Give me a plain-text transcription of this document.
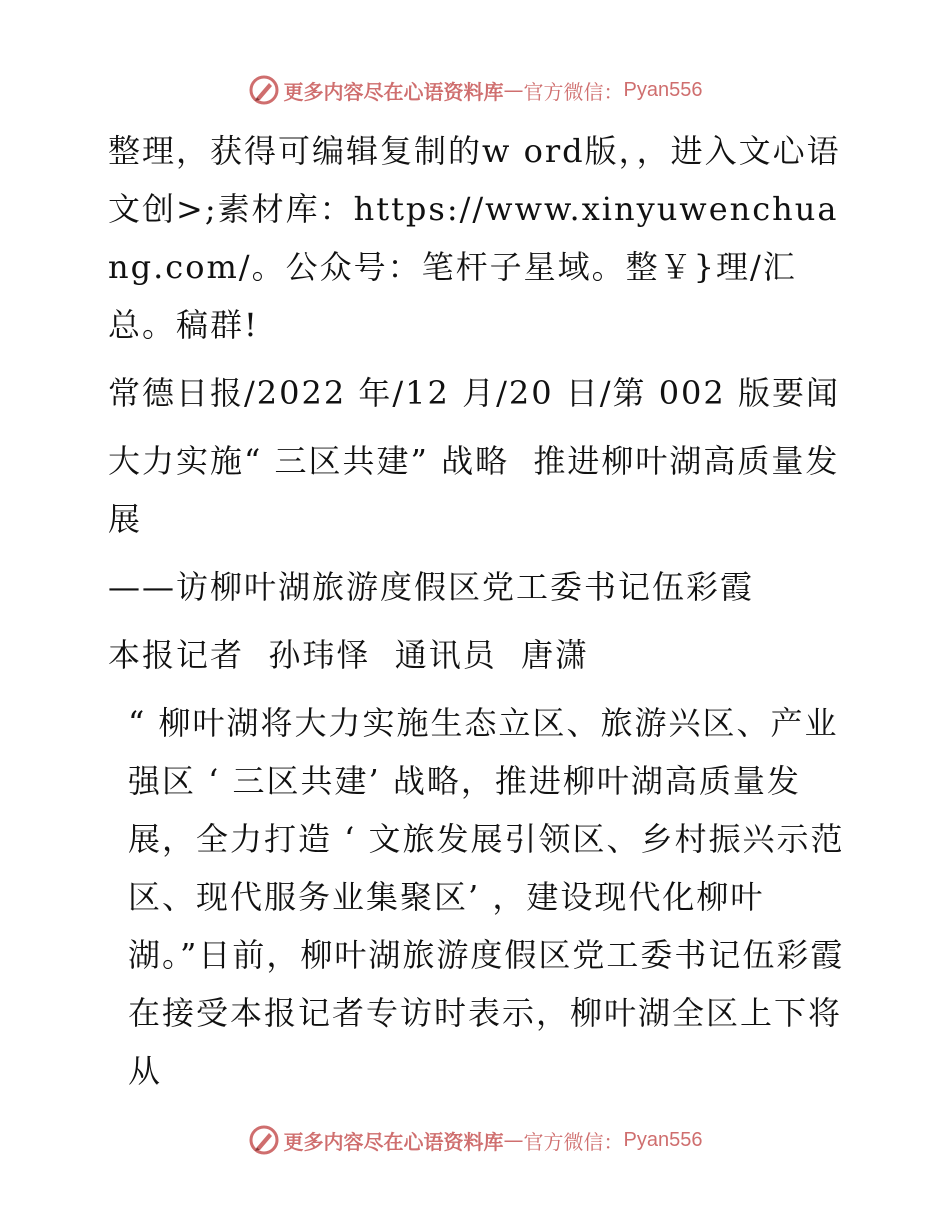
更多内容尽在心语资料库 — 官方微信： Pyan556

整理，获得可编辑复制的w ord版，，进入文心语文创>;素材库：https://www.xinyuwenchuang.com/。公众号：笔杆子星域。整￥}理/汇总。稿群!

常德日报/2022 年/12 月/20 日/第 002 版要闻

大力实施“ 三区共建” 战略  推进柳叶湖高质量发展

——访柳叶湖旅游度假区党工委书记伍彩霞

本报记者  孙玮怿  通讯员  唐潇

“ 柳叶湖将大力实施生态立区、旅游兴区、产业强区 ‘ 三区共建’ 战略，推进柳叶湖高质量发展，全力打造 ‘ 文旅发展引领区、乡村振兴示范区、现代服务业集聚区’ ，建设现代化柳叶湖。”日前，柳叶湖旅游度假区党工委书记伍彩霞在接受本报记者专访时表示，柳叶湖全区上下将从

更多内容尽在心语资料库 — 官方微信： Pyan556
